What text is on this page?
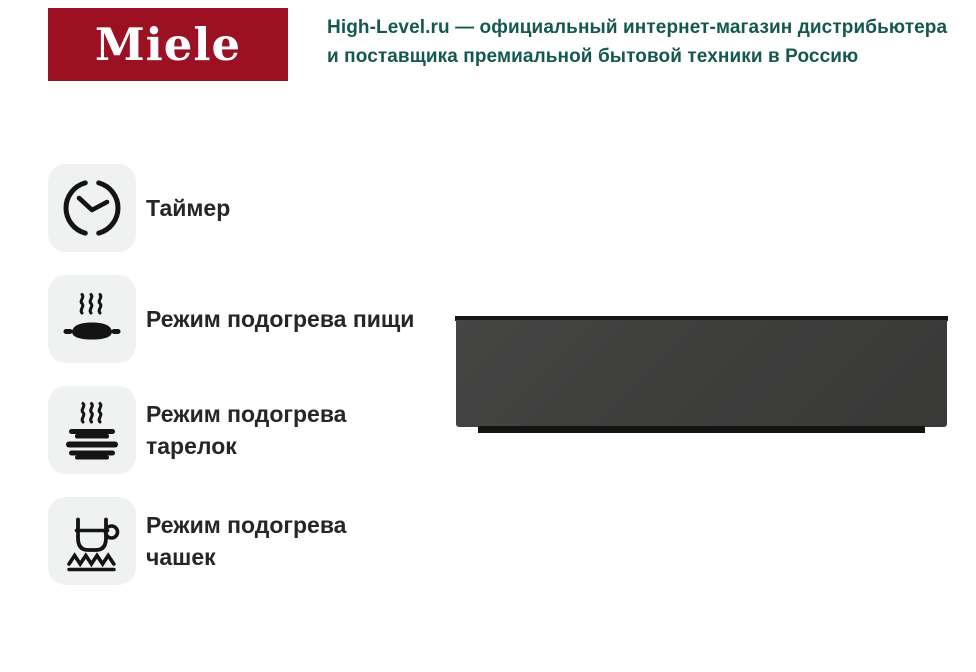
Miele	High-Level.ru — официальный интернет-магазин дистрибьютера
и поставщика премиальной бытовой техники в Россию
Таймер
Режим подогрева пищи
Режим подогрева
тарелок
Режим подогрева
чашек
